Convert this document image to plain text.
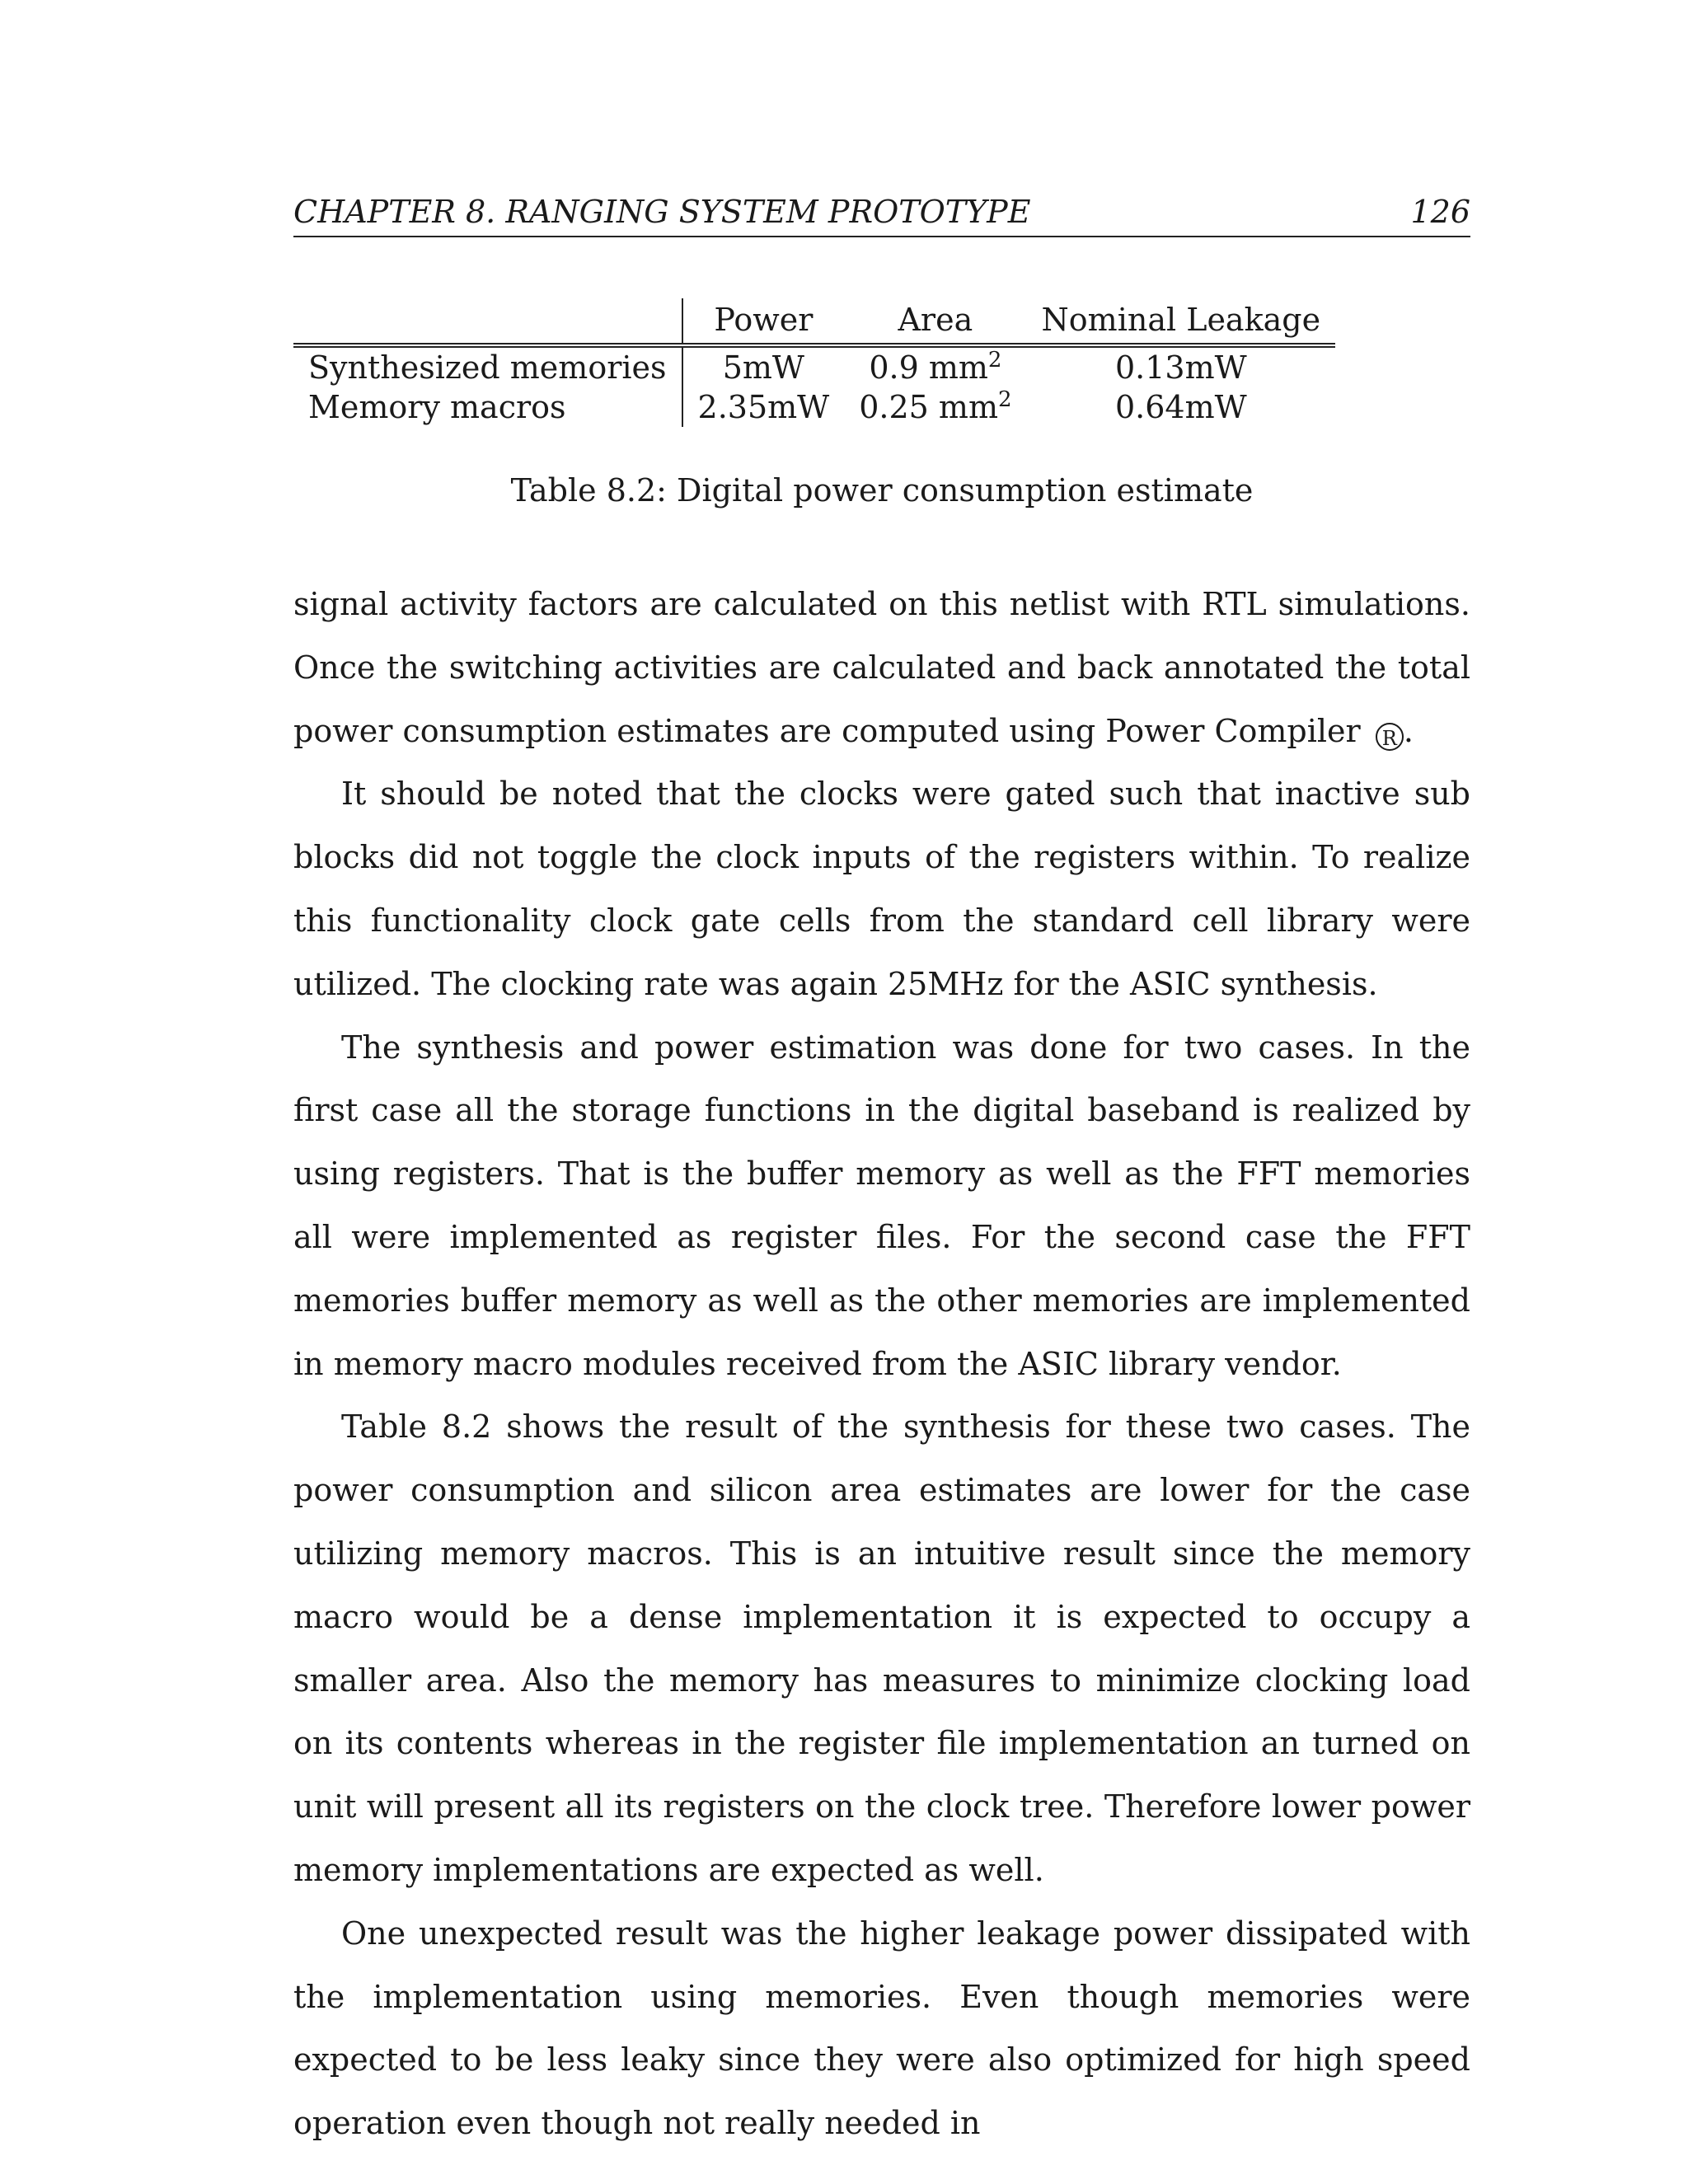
CHAPTER 8. RANGING SYSTEM PROTOTYPE	126
	Power	Area	Nominal Leakage
Synthesized memories	5mW	0.9 $mm^2$	0.13mW
Memory macros	2.35mW	0.25 $mm^2$	0.64mW
Table 8.2: Digital power consumption estimate

signal activity factors are calculated on this netlist with RTL simulations. Once the switching activities are calculated and back annotated the total power consumption estimates are computed using Power Compiler R .

It should be noted that the clocks were gated such that inactive sub blocks did not toggle the clock inputs of the registers within. To realize this functionality clock gate cells from the standard cell library were utilized. The clocking rate was again 25MHz for the ASIC synthesis.

The synthesis and power estimation was done for two cases. In the first case all the storage functions in the digital baseband is realized by using registers. That is the buffer memory as well as the FFT memories all were implemented as register files. For the second case the FFT memories buffer memory as well as the other memories are implemented in memory macro modules received from the ASIC library vendor.

Table 8.2 shows the result of the synthesis for these two cases. The power consumption and silicon area estimates are lower for the case utilizing memory macros. This is an intuitive result since the memory macro would be a dense implementation it is expected to occupy a smaller area. Also the memory has measures to minimize clocking load on its contents whereas in the register file implementation an turned on unit will present all its registers on the clock tree. Therefore lower power memory implementations are expected as well.

One unexpected result was the higher leakage power dissipated with the implementation using memories. Even though memories were expected to be less leaky since they were also optimized for high speed operation even though not really needed in
